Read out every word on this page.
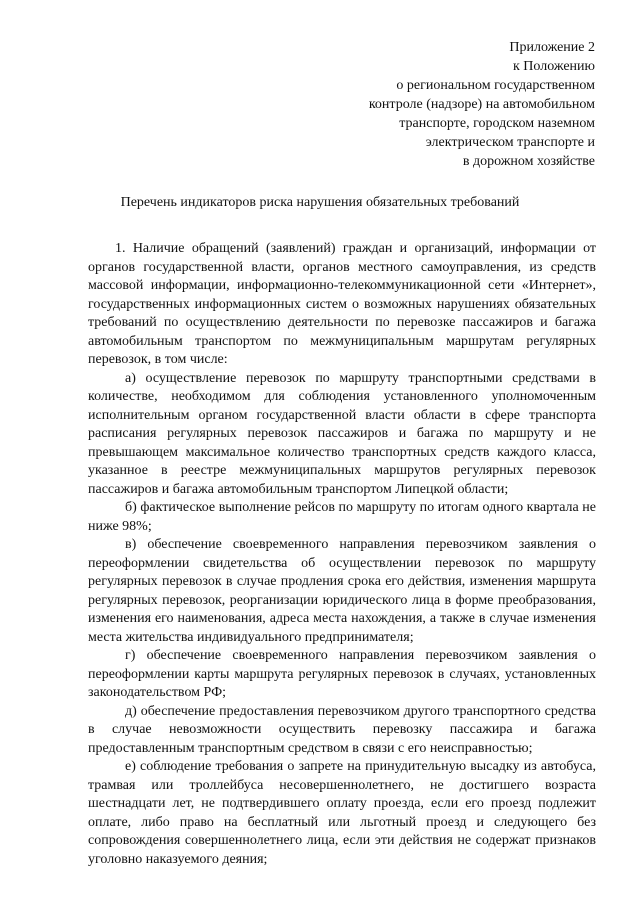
Приложение 2
к Положению
о региональном государственном
контроле (надзоре) на автомобильном
транспорте, городском наземном
электрическом транспорте и
в дорожном хозяйстве
Перечень индикаторов риска нарушения обязательных требований

1. Наличие обращений (заявлений) граждан и организаций, информации от органов государственной власти, органов местного самоуправления, из средств массовой информации, информационно-телекоммуникационной сети «Интернет», государственных информационных систем о возможных нарушениях обязательных требований по осуществлению деятельности по перевозке пассажиров и багажа автомобильным транспортом по межмуниципальным маршрутам регулярных перевозок, в том числе:

а) осуществление перевозок по маршруту транспортными средствами в количестве, необходимом для соблюдения установленного уполномоченным исполнительным органом государственной власти области в сфере транспорта расписания регулярных перевозок пассажиров и багажа по маршруту и не превышающем максимальное количество транспортных средств каждого класса, указанное в реестре межмуниципальных маршрутов регулярных перевозок пассажиров и багажа автомобильным транспортом Липецкой области;

б) фактическое выполнение рейсов по маршруту по итогам одного квартала не ниже 98%;

в) обеспечение своевременного направления перевозчиком заявления о переоформлении свидетельства об осуществлении перевозок по маршруту регулярных перевозок в случае продления срока его действия, изменения маршрута регулярных перевозок, реорганизации юридического лица в форме преобразования, изменения его наименования, адреса места нахождения, а также в случае изменения места жительства индивидуального предпринимателя;

г) обеспечение своевременного направления перевозчиком заявления о переоформлении карты маршрута регулярных перевозок в случаях, установленных законодательством РФ;

д) обеспечение предоставления перевозчиком другого транспортного средства в случае невозможности осуществить перевозку пассажира и багажа предоставленным транспортным средством в связи с его неисправностью;

е) соблюдение требования о запрете на принудительную высадку из автобуса, трамвая или троллейбуса несовершеннолетнего, не достигшего возраста шестнадцати лет, не подтвердившего оплату проезда, если его проезд подлежит оплате, либо право на бесплатный или льготный проезд и следующего без сопровождения совершеннолетнего лица, если эти действия не содержат признаков уголовно наказуемого деяния;
